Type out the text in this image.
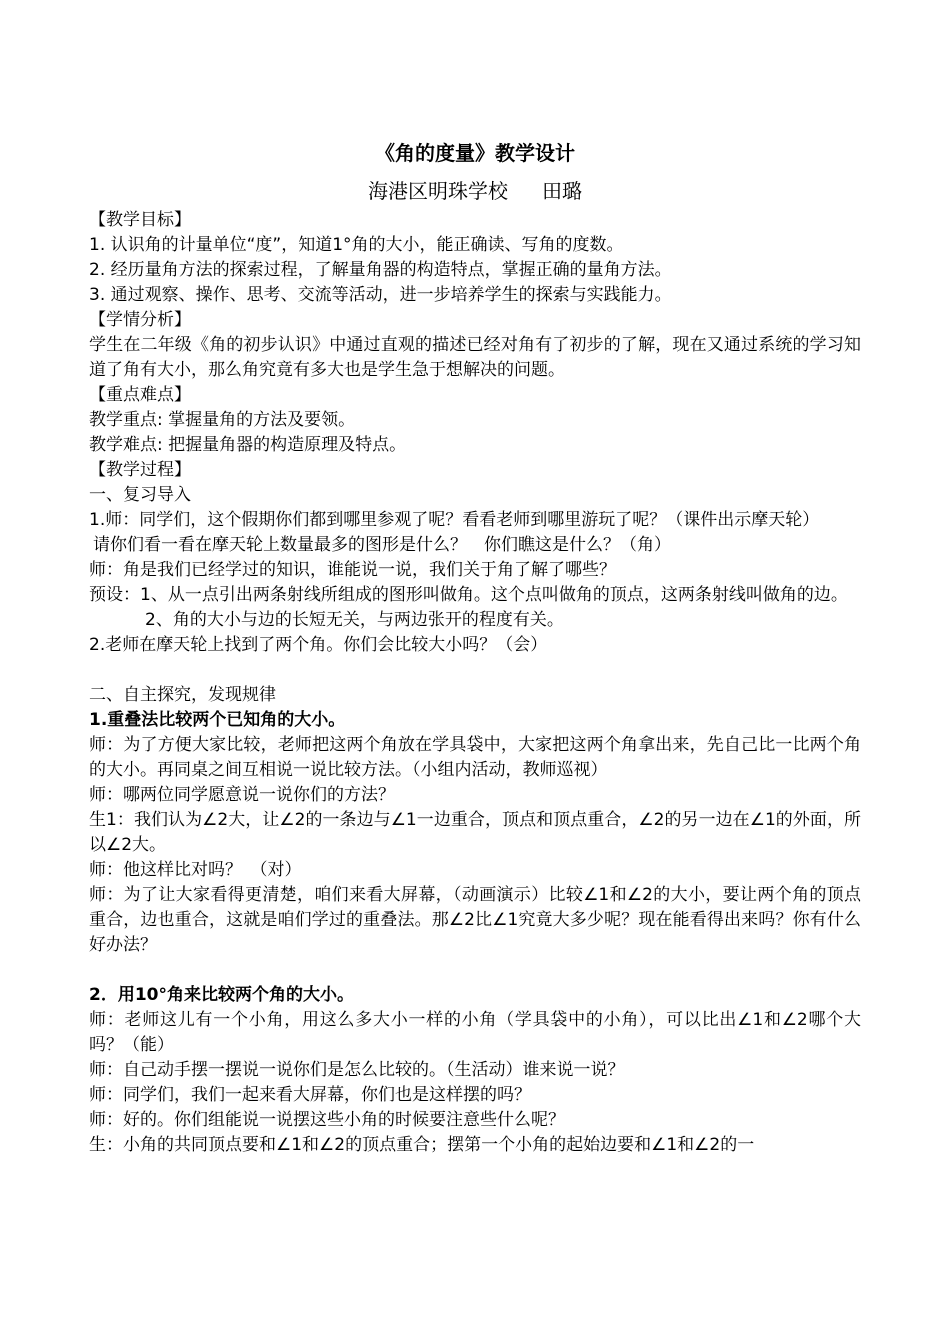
《角的度量》教学设计
海港区明珠学校 田璐

【教学目标】

1. 认识角的计量单位“度”，知道1°角的大小，能正确读、写角的度数。

2. 经历量角方法的探索过程，了解量角器的构造特点，掌握正确的量角方法。

3. 通过观察、操作、思考、交流等活动，进一步培养学生的探索与实践能力。

【学情分析】

学生在二年级《角的初步认识》中通过直观的描述已经对角有了初步的了解，现在又通过系统的学习知道了角有大小，那么角究竟有多大也是学生急于想解决的问题。

【重点难点】

教学重点: 掌握量角的方法及要领。

教学难点: 把握量角器的构造原理及特点。

【教学过程】

一、复习导入

1.师：同学们，这个假期你们都到哪里参观了呢？看看老师到哪里游玩了呢？（课件出示摩天轮）

请你们看一看在摩天轮上数量最多的图形是什么？　你们瞧这是什么？（角）

师：角是我们已经学过的知识，谁能说一说，我们关于角了解了哪些？

预设：1、从一点引出两条射线所组成的图形叫做角。这个点叫做角的顶点，这两条射线叫做角的边。

2、角的大小与边的长短无关，与两边张开的程度有关。

2.老师在摩天轮上找到了两个角。你们会比较大小吗？（会）

二、自主探究，发现规律

1.重叠法比较两个已知角的大小。

师：为了方便大家比较，老师把这两个角放在学具袋中，大家把这两个角拿出来，先自己比一比两个角的大小。再同桌之间互相说一说比较方法。（小组内活动，教师巡视）

师：哪两位同学愿意说一说你们的方法？

生1：我们认为∠2大，让∠2的一条边与∠1一边重合，顶点和顶点重合，∠2的另一边在∠1的外面，所以∠2大。

师：他这样比对吗？　（对）

师：为了让大家看得更清楚，咱们来看大屏幕，（动画演示）比较∠1和∠2的大小，要让两个角的顶点重合，边也重合，这就是咱们学过的重叠法。那∠2比∠1究竟大多少呢？现在能看得出来吗？你有什么好办法？

2．用10°角来比较两个角的大小。

师：老师这儿有一个小角，用这么多大小一样的小角（学具袋中的小角），可以比出∠1和∠2哪个大吗？（能）

师：自己动手摆一摆说一说你们是怎么比较的。（生活动）谁来说一说？

师：同学们，我们一起来看大屏幕，你们也是这样摆的吗？

师：好的。你们组能说一说摆这些小角的时候要注意些什么呢？

生：小角的共同顶点要和∠1和∠2的顶点重合；摆第一个小角的起始边要和∠1和∠2的一
